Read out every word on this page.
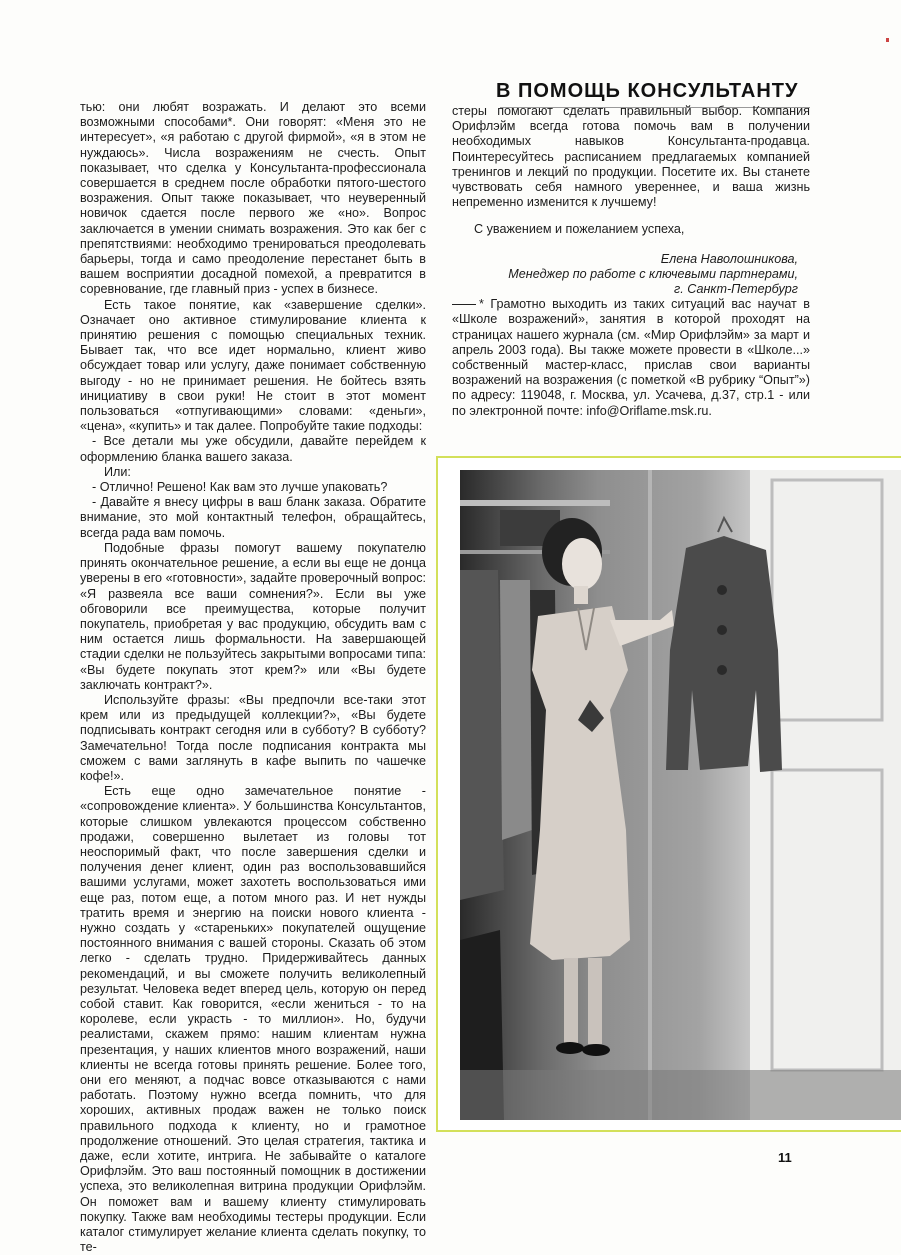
В ПОМОЩЬ КОНСУЛЬТАНТУ

тью: они любят возражать. И делают это всеми возможными способами*. Они говорят: «Меня это не интересует», «я работаю с другой фирмой», «я в этом не нуждаюсь». Числа возражениям не счесть. Опыт показывает, что сделка у Консультанта-профессионала совершается в среднем после обработки пятого-шестого возражения. Опыт также показывает, что неуверенный новичок сдается после первого же «но». Вопрос заключается в умении снимать возражения. Это как бег с препятствиями: необходимо тренироваться преодолевать барьеры, тогда и само преодоление перестанет быть в вашем восприятии досадной помехой, а превратится в соревнование, где главный приз - успех в бизнесе.

Есть такое понятие, как «завершение сделки». Означает оно активное стимулирование клиента к принятию решения с помощью специальных техник. Бывает так, что все идет нормально, клиент живо обсуждает товар или услугу, даже понимает собственную выгоду - но не принимает решения. Не бойтесь взять инициативу в свои руки! Не стоит в этот момент пользоваться «отпугивающими» словами: «деньги», «цена», «купить» и так далее. Попробуйте такие подходы:

- Все детали мы уже обсудили, давайте перейдем к оформлению бланка вашего заказа.

Или:

- Отлично! Решено! Как вам это лучше упаковать?

- Давайте я внесу цифры в ваш бланк заказа. Обратите внимание, это мой контактный телефон, обращайтесь, всегда рада вам помочь.

Подобные фразы помогут вашему покупателю принять окончательное решение, а если вы еще не донца уверены в его «готовности», задайте проверочный вопрос: «Я развеяла все ваши сомнения?». Если вы уже обговорили все преимущества, которые получит покупатель, приобретая у вас продукцию, обсудить вам с ним остается лишь формальности. На завершающей стадии сделки не пользуйтесь закрытыми вопросами типа: «Вы будете покупать этот крем?» или «Вы будете заключать контракт?».

Используйте фразы: «Вы предпочли все-таки этот крем или из предыдущей коллекции?», «Вы будете подписывать контракт сегодня или в субботу? В субботу? Замечательно! Тогда после подписания контракта мы сможем с вами заглянуть в кафе выпить по чашечке кофе!».

Есть еще одно замечательное понятие - «сопровождение клиента». У большинства Консультантов, которые слишком увлекаются процессом собственно продажи, совершенно вылетает из головы тот неоспоримый факт, что после завершения сделки и получения денег клиент, один раз воспользовавшийся вашими услугами, может захотеть воспользоваться ими еще раз, потом еще, а потом много раз. И нет нужды тратить время и энергию на поиски нового клиента - нужно создать у «старенькиx» покупателей ощущение постоянного внимания с вашей стороны. Сказать об этом легко - сделать трудно. Придерживайтесь данных рекомендаций, и вы сможете получить великолепный результат. Человека ведет вперед цель, которую он перед собой ставит. Как говорится, «если жениться - то на королеве, если украсть - то миллион». Но, будучи реалистами, скажем прямо: нашим клиентам нужна презентация, у наших клиентов много возражений, наши клиенты не всегда готовы принять решение. Более того, они его меняют, а подчас вовсе отказываются с нами работать. Поэтому нужно всегда помнить, что для хороших, активных продаж важен не только поиск правильного подхода к клиенту, но и грамотное продолжение отношений. Это целая стратегия, тактика и даже, если хотите, интрига. Не забывайте о каталоге Орифлэйм. Это ваш постоянный помощник в достижении успеха, это великолепная витрина продукции Орифлэйм. Он поможет вам и вашему клиенту стимулировать покупку. Также вам необходимы тестеры продукции. Если каталог стимулирует желание клиента сделать покупку, то те-

стеры помогают сделать правильный выбор. Компания Орифлэйм всегда готова помочь вам в получении необходимых навыков Консультанта-продавца. Поинтересуйтесь расписанием предлагаемых компанией тренингов и лекций по продукции. Посетите их. Вы станете чувствовать себя намного увереннее, и ваша жизнь непременно изменится к лучшему!

С уважением и пожеланием успеха,

Елена Наволошникова,

Менеджер по работе с ключевыми партнерами,

г. Санкт-Петербург

* Грамотно выходить из таких ситуаций вас научат в «Школе возражений», занятия в которой проходят на страницах нашего журнала (см. «Мир Орифлэйм» за март и апрель 2003 года). Вы также можете провести в «Школе...» собственный мастер-класс, прислав свои варианты возражений на возражения (с пометкой «В рубрику “Опыт”») по адресу: 119048, г. Москва, ул. Усачева, д.37, стр.1 - или по электронной почте: info@Oriflame.msk.ru.

11
